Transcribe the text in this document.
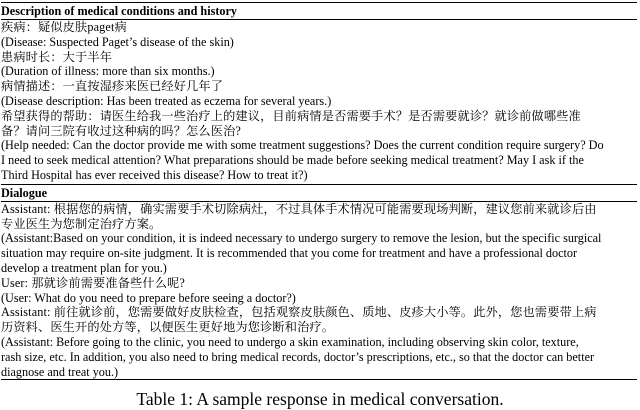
Description of medical conditions and history
疾病：疑似皮肤paget病
(Disease: Suspected Paget’s disease of the skin)
患病时长：大于半年
(Duration of illness: more than six months.)
病情描述：一直按湿疹来医已经好几年了
(Disease description: Has been treated as eczema for several years.)
希望获得的帮助：请医生给我一些治疗上的建议，目前病情是否需要手术？是否需要就诊？就诊前做哪些准
备？请问三院有收过这种病的吗？怎么医治?
(Help needed: Can the doctor provide me with some treatment suggestions? Does the current condition require surgery? Do
I need to seek medical attention? What preparations should be made before seeking medical treatment? May I ask if the
Third Hospital has ever received this disease? How to treat it?)
Dialogue
Assistant: 根据您的病情，确实需要手术切除病灶，不过具体手术情况可能需要现场判断，建议您前来就诊后由
专业医生为您制定治疗方案。
(Assistant:Based on your condition, it is indeed necessary to undergo surgery to remove the lesion, but the specific surgical
situation may require on-site judgment. It is recommended that you come for treatment and have a professional doctor
develop a treatment plan for you.)
User: 那就诊前需要准备些什么呢?
(User: What do you need to prepare before seeing a doctor?)
Assistant: 前往就诊前，您需要做好皮肤检查，包括观察皮肤颜色、质地、皮疹大小等。此外，您也需要带上病
历资料、医生开的处方等，以便医生更好地为您诊断和治疗。
(Assistant: Before going to the clinic, you need to undergo a skin examination, including observing skin color, texture,
rash size, etc. In addition, you also need to bring medical records, doctor’s prescriptions, etc., so that the doctor can better
diagnose and treat you.)
Table 1: A sample response in medical conversation.
